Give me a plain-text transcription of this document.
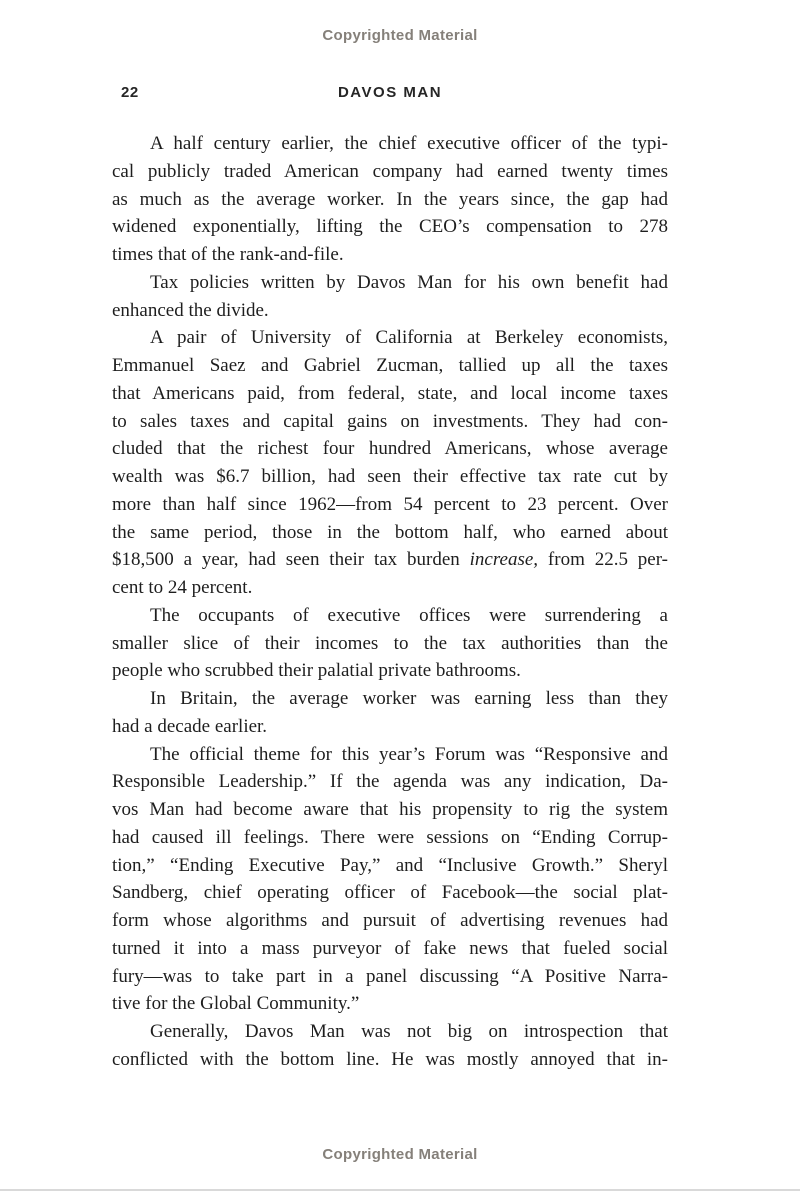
Copyrighted Material
22	DAVOS MAN

A half century earlier, the chief executive officer of the typi-
cal publicly traded American company had earned twenty times
as much as the average worker. In the years since, the gap had
widened exponentially, lifting the CEO’s compensation to 278
times that of the rank-and-file.

Tax policies written by Davos Man for his own benefit had
enhanced the divide.

A pair of University of California at Berkeley economists,
Emmanuel Saez and Gabriel Zucman, tallied up all the taxes
that Americans paid, from federal, state, and local income taxes
to sales taxes and capital gains on investments. They had con-
cluded that the richest four hundred Americans, whose average
wealth was $6.7 billion, had seen their effective tax rate cut by
more than half since 1962—from 54 percent to 23 percent. Over
the same period, those in the bottom half, who earned about
$18,500 a year, had seen their tax burden increase, from 22.5 per-
cent to 24 percent.

The occupants of executive offices were surrendering a
smaller slice of their incomes to the tax authorities than the
people who scrubbed their palatial private bathrooms.

In Britain, the average worker was earning less than they
had a decade earlier.

The official theme for this year’s Forum was “Responsive and
Responsible Leadership.” If the agenda was any indication, Da-
vos Man had become aware that his propensity to rig the system
had caused ill feelings. There were sessions on “Ending Corrup-
tion,” “Ending Executive Pay,” and “Inclusive Growth.” Sheryl
Sandberg, chief operating officer of Facebook—the social plat-
form whose algorithms and pursuit of advertising revenues had
turned it into a mass purveyor of fake news that fueled social
fury—was to take part in a panel discussing “A Positive Narra-
tive for the Global Community.”

Generally, Davos Man was not big on introspection that
conflicted with the bottom line. He was mostly annoyed that in-

Copyrighted Material
